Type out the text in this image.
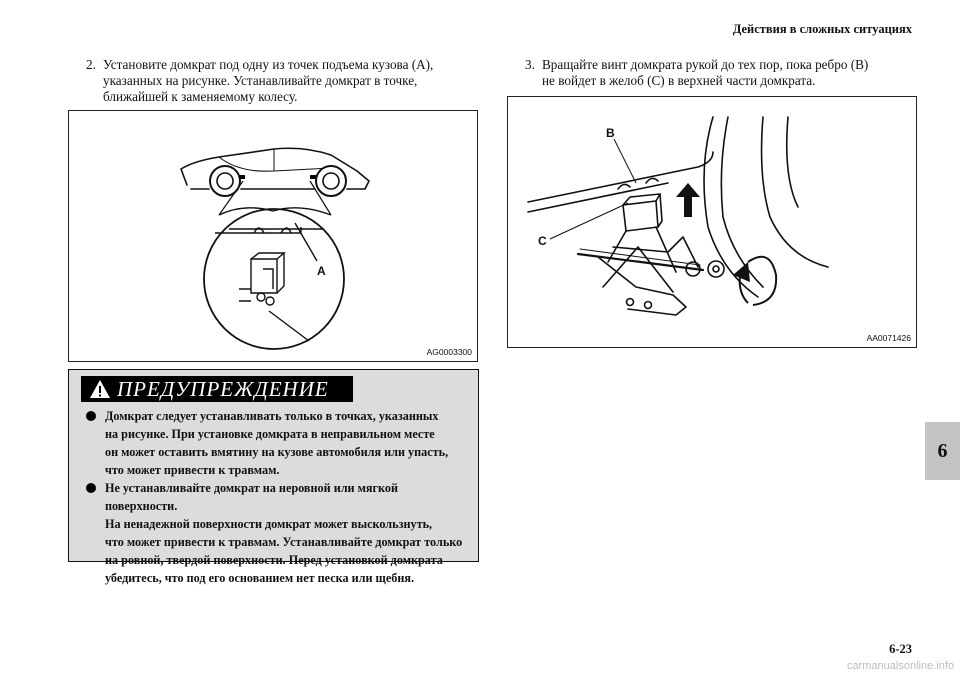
Действия в сложных ситуациях
2. Установите домкрат под одну из точек подъема кузова (A),
указанных на рисунке. Устанавливайте домкрат в точке,
ближайшей к заменяемому колесу.
3. Вращайте винт домкрата рукой до тех пор, пока ребро (B)
не войдет в желоб (C) в верхней части домкрата.
A
AG0003300
B
C
AA0071426
ПРЕДУПРЕЖДЕНИЕ
Домкрат следует устанавливать только в точках, указанных
на рисунке. При установке домкрата в неправильном месте
он может оставить вмятину на кузове автомобиля или упасть,
что может привести к травмам.
Не устанавливайте домкрат на неровной или мягкой
поверхности.
На ненадежной поверхности домкрат может выскользнуть,
что может привести к травмам. Устанавливайте домкрат только
на ровной, твердой поверхности. Перед установкой домкрата
убедитесь, что под его основанием нет песка или щебня.
6
6-23
carmanualsonline.info
